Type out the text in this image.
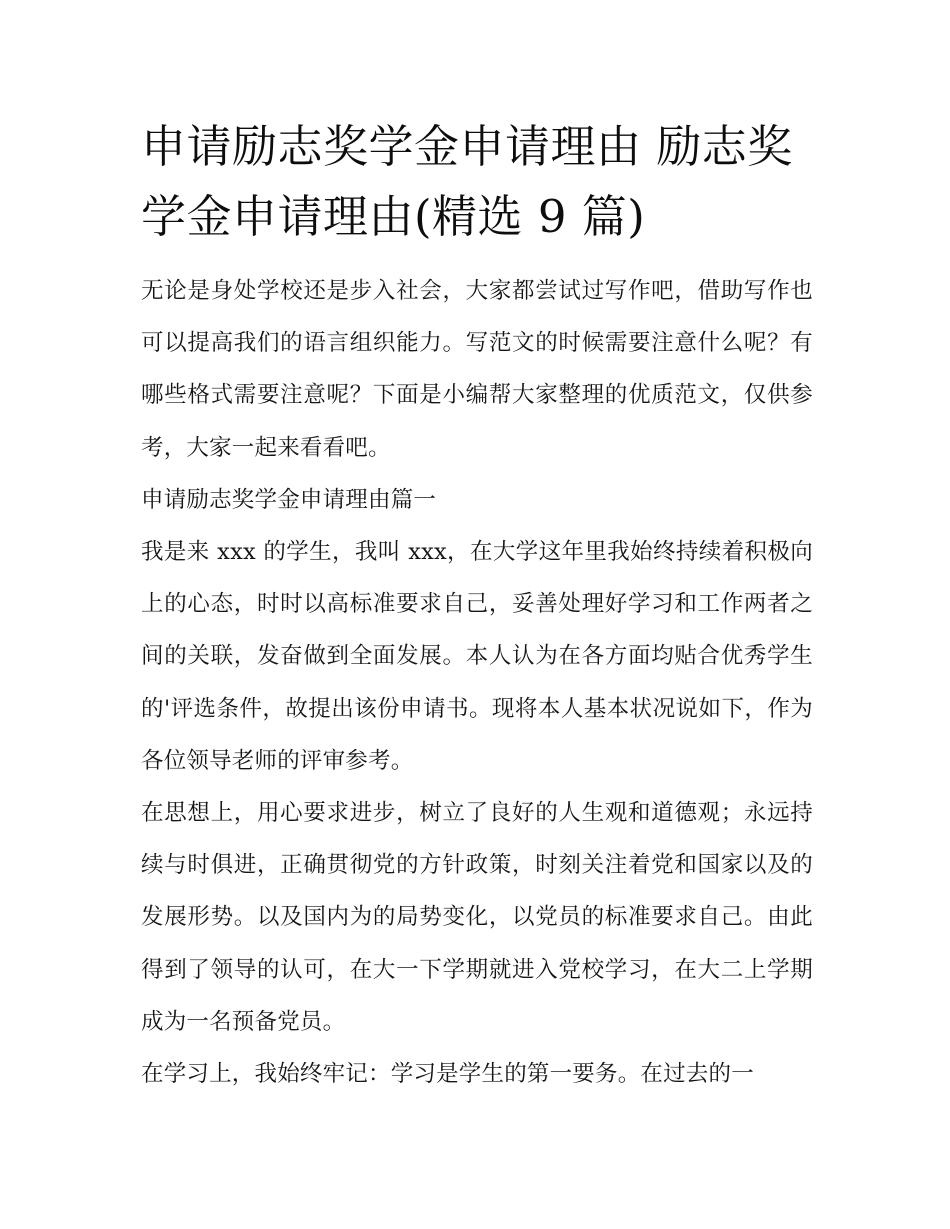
申请励志奖学金申请理由 励志奖学金申请理由(精选 9 篇)

无论是身处学校还是步入社会，大家都尝试过写作吧，借助写作也可以提高我们的语言组织能力。写范文的时候需要注意什么呢？有哪些格式需要注意呢？下面是小编帮大家整理的优质范文，仅供参考，大家一起来看看吧。

申请励志奖学金申请理由篇一

我是来 xxx 的学生，我叫 xxx，在大学这年里我始终持续着积极向上的心态，时时以高标准要求自己，妥善处理好学习和工作两者之间的关联，发奋做到全面发展。本人认为在各方面均贴合优秀学生的'评选条件，故提出该份申请书。现将本人基本状况说如下，作为各位领导老师的评审参考。

在思想上，用心要求进步，树立了良好的人生观和道德观；永远持续与时俱进，正确贯彻党的方针政策，时刻关注着党和国家以及的发展形势。以及国内为的局势变化，以党员的标准要求自己。由此得到了领导的认可，在大一下学期就进入党校学习，在大二上学期成为一名预备党员。

在学习上，我始终牢记：学习是学生的第一要务。在过去的一
